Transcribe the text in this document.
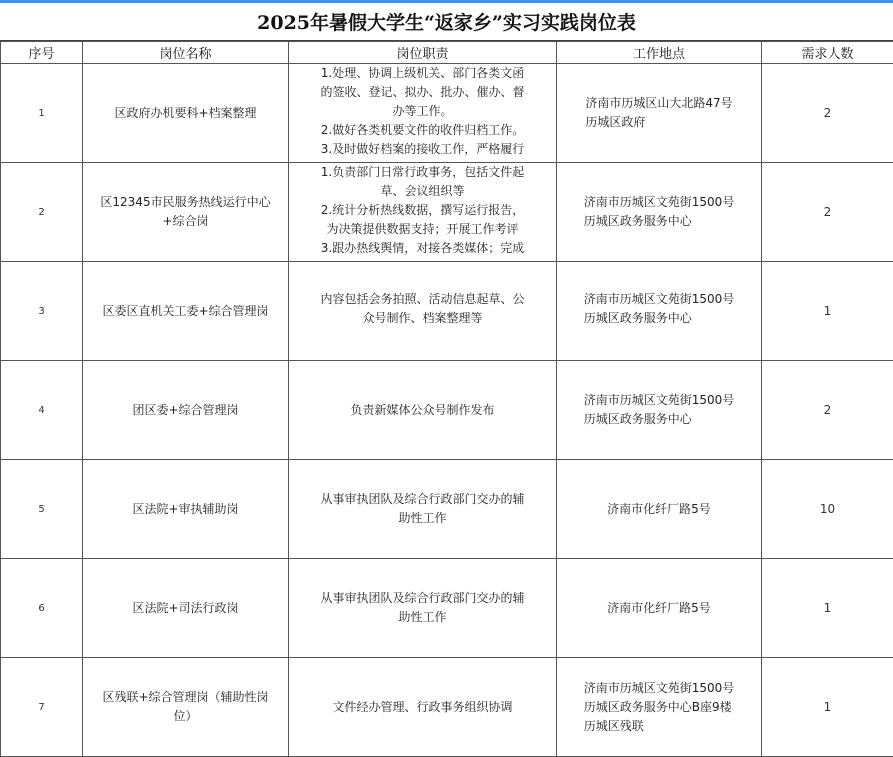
2025年暑假大学生“返家乡”实习实践岗位表
序号	岗位名称	岗位职责	工作地点	需求人数
1	区政府办机要科+档案整理	1.处理、协调上级机关、部门各类文函
的签收、登记、拟办、批办、催办、督
办等工作。
2.做好各类机要文件的收件归档工作。
3.及时做好档案的接收工作，严格履行	济南市历城区山大北路47号
历城区政府	2
2	区12345市民服务热线运行中心+综合岗	1.负责部门日常行政事务，包括文件起
草、会议组织等
2.统计分析热线数据，撰写运行报告，
为决策提供数据支持；开展工作考评
3.跟办热线舆情，对接各类媒体；完成	济南市历城区文苑街1500号
历城区政务服务中心	2
3	区委区直机关工委+综合管理岗	内容包括会务拍照、活动信息起草、公
众号制作、档案整理等	济南市历城区文苑街1500号
历城区政务服务中心	1
4	团区委+综合管理岗	负责新媒体公众号制作发布	济南市历城区文苑街1500号
历城区政务服务中心	2
5	区法院+审执辅助岗	从事审执团队及综合行政部门交办的辅
助性工作	济南市化纤厂路5号	10
6	区法院+司法行政岗	从事审执团队及综合行政部门交办的辅
助性工作	济南市化纤厂路5号	1
7	区残联+综合管理岗（辅助性岗位）	文件经办管理、行政事务组织协调	济南市历城区文苑街1500号
历城区政务服务中心B座9楼
历城区残联	1
